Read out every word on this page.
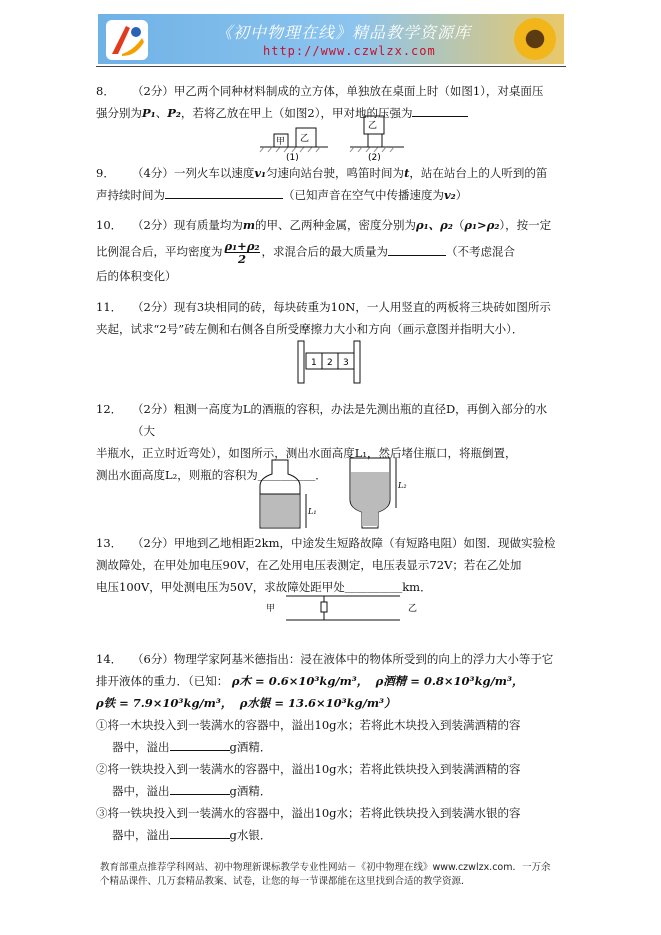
《初中物理在线》精品教学资源库
http://www.czwlzx.com
8． （2分）甲乙两个同种材料制成的立方体，单独放在桌面上时（如图1），对桌面压
强分别为P₁、P₂，若将乙放在甲上（如图2），甲对地的压强为
甲 乙
(1)
乙
(2)
9． （4分）一列火车以速度v₁匀速向站台驶，鸣笛时间为t，站在站台上的人听到的笛
声持续时间为	（已知声音在空气中传播速度为v₂）
10． （2分）现有质量均为m的甲、乙两种金属，密度分别为ρ₁、ρ₂（ρ₁>ρ₂），按一定
比例混合后，平均密度为 $\frac{\text{ρ₁+ρ₂}}{2}$ ，求混合后的最大质量为	（不考虑混合
后的体积变化）
11． （2分）现有3块相同的砖，每块砖重为10N，一人用竖直的两板将三块砖如图所示
夹起，试求“2号”砖左侧和右侧各自所受摩擦力大小和方向（画示意图并指明大小）．
1 2 3
12． （2分）粗测一高度为L的酒瓶的容积，办法是先测出瓶的直径D，再倒入部分的水（大
半瓶水，正立时近弯处），如图所示，测出水面高度L₁，然后堵住瓶口，将瓶倒置，
测出水面高度L₂，则瓶的容积为＿＿＿＿＿．
L₁
L₂
13． （2分）甲地到乙地相距2km，中途发生短路故障（有短路电阻）如图．现做实验检
测故障处，在甲处加电压90V，在乙处用电压表测定，电压表显示72V；若在乙处加
电压100V，甲处测电压为50V，求故障处距甲处＿＿＿＿＿km．
甲	乙
14． （6分）物理学家阿基米德指出：浸在液体中的物体所受到的向上的浮力大小等于它
排开液体的重力．（已知： ρ木 = 0.6×10³kg/m³， ρ酒精 = 0.8×10³kg/m³，
ρ铁 = 7.9×10³kg/m³， ρ水银 = 13.6×10³kg/m³）
①将一木块投入到一装满水的容器中，溢出10g水；若将此木块投入到装满酒精的容
器中，溢出	g酒精．
②将一铁块投入到一装满水的容器中，溢出10g水；若将此铁块投入到装满酒精的容
器中，溢出	g酒精．
③将一铁块投入到一装满水的容器中，溢出10g水；若将此铁块投入到装满水银的容
器中，溢出	g水银．
教育部重点推荐学科网站、初中物理新课标教学专业性网站－《初中物理在线》www.czwlzx.com．一万余
个精品课件、几万套精品教案、试卷，让您的每一节课都能在这里找到合适的教学资源．
